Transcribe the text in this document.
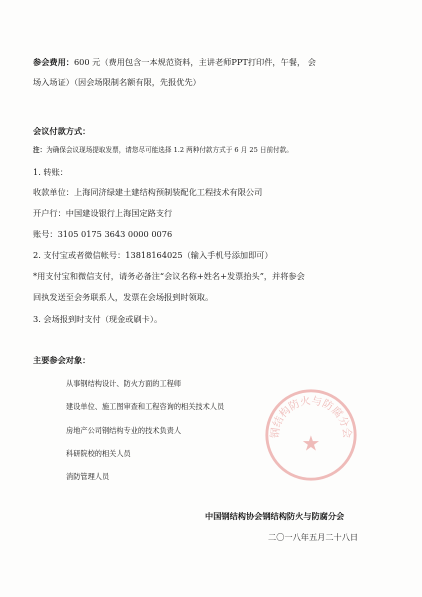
参会费用：600 元（费用包含一本规范资料，主讲老师PPT打印件，午餐， 会
场入场证）（因会场限制名额有限，先报优先）
会议付款方式：
注：为确保会议现场提取发票，请您尽可能选择 1.2 两种付款方式于 6 月 25 日前付款。
1. 转账：
收款单位：上海同济绿建土建结构预制装配化工程技术有限公司
开户行：中国建设银行上海国定路支行
账号：3105 0175 3643 0000 0076
2. 支付宝或者微信帐号：13818164025（输入手机号添加即可）
*用支付宝和微信支付，请务必备注“会议名称+姓名+发票抬头”，并将参会
回执发送至会务联系人，发票在会场报到时领取。
3. 会场报到时支付（现金或刷卡）。
主要参会对象：
从事钢结构设计、防火方面的工程师
建设单位、施工图审查和工程咨询的相关技术人员
房地产公司钢结构专业的技术负责人
科研院校的相关人员
消防管理人员
钢结构防火与防腐分会
★
中国钢结构协会钢结构防火与防腐分会
二〇一八年五月二十八日
